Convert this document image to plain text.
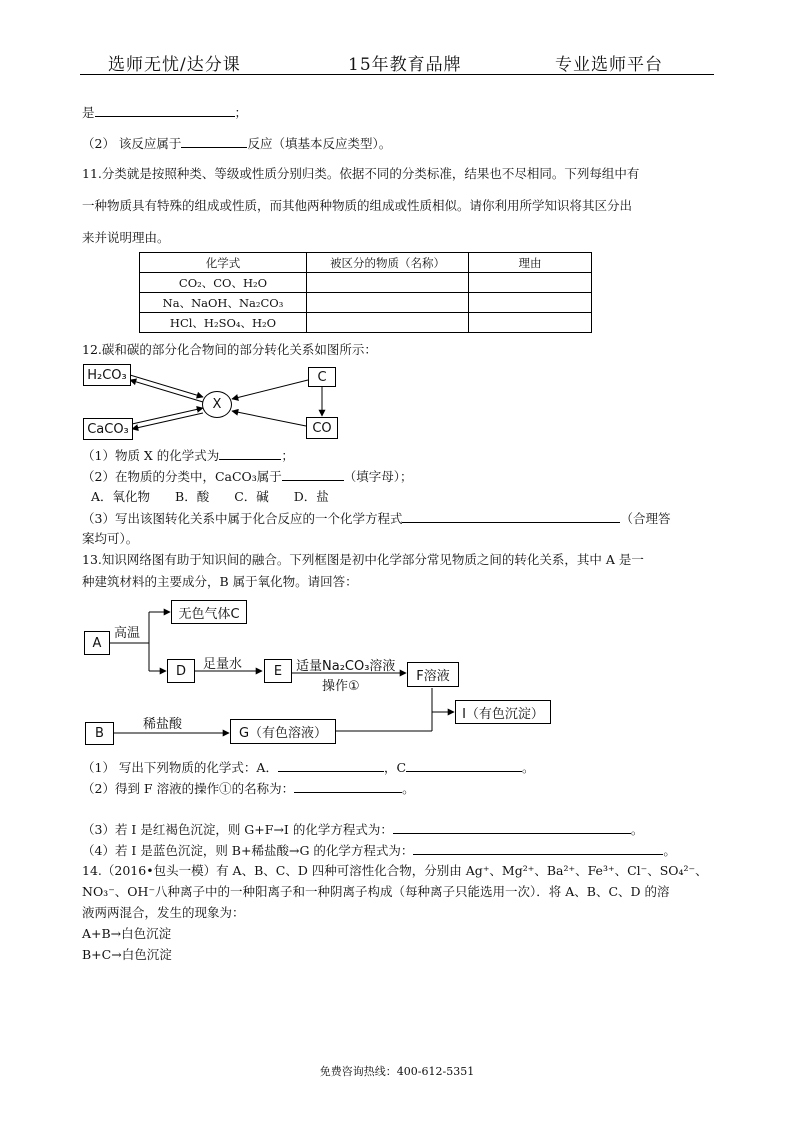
选师无忧/达分课	15年教育品牌	专业选师平台
是	；
（2） 该反应属于	反应（填基本反应类型）。
11.分类就是按照种类、等级或性质分别归类。依据不同的分类标准，结果也不尽相同。下列每组中有
一种物质具有特殊的组成或性质，而其他两种物质的组成或性质相似。请你利用所学知识将其区分出
来并说明理由。
化学式	被区分的物质（名称）	理由
CO₂、CO、H₂O		
Na、NaOH、Na₂CO₃		
HCl、H₂SO₄、H₂O		
12.碳和碳的部分化合物间的部分转化关系如图所示：
H₂CO₃
CaCO₃
X
C
CO
（1）物质 X 的化学式为	；
（2）在物质的分类中，CaCO₃属于	（填字母）；
A．氧化物　　B．酸　　C．碱　　D．盐
（3）写出该图转化关系中属于化合反应的一个化学方程式	（合理答
案均可）。
13.知识网络图有助于知识间的融合。下列框图是初中化学部分常见物质之间的转化关系，其中 A 是一
种建筑材料的主要成分，B 属于氧化物。请回答：
A
无色气体C
D	E	F溶液
B	G（有色溶液）
I（有色沉淀）
高温
足量水	适量Na₂CO₃溶液
操作①
稀盐酸
（1） 写出下列物质的化学式：A．	，C	。
（2）得到 F 溶液的操作①的名称为：	。
（3）若 I 是红褐色沉淀，则 G+F→I 的化学方程式为：	。
（4）若 I 是蓝色沉淀，则 B+稀盐酸→G 的化学方程式为：	。
14.（2016•包头一模）有 A、B、C、D 四种可溶性化合物，分别由 Ag⁺、Mg²⁺、Ba²⁺、Fe³⁺、Cl⁻、SO₄²⁻、
NO₃⁻、OH⁻八种离子中的一种阳离子和一种阴离子构成（每种离子只能选用一次）．将 A、B、C、D 的溶
液两两混合，发生的现象为：
A+B→白色沉淀
B+C→白色沉淀
免费咨询热线：400-612-5351
